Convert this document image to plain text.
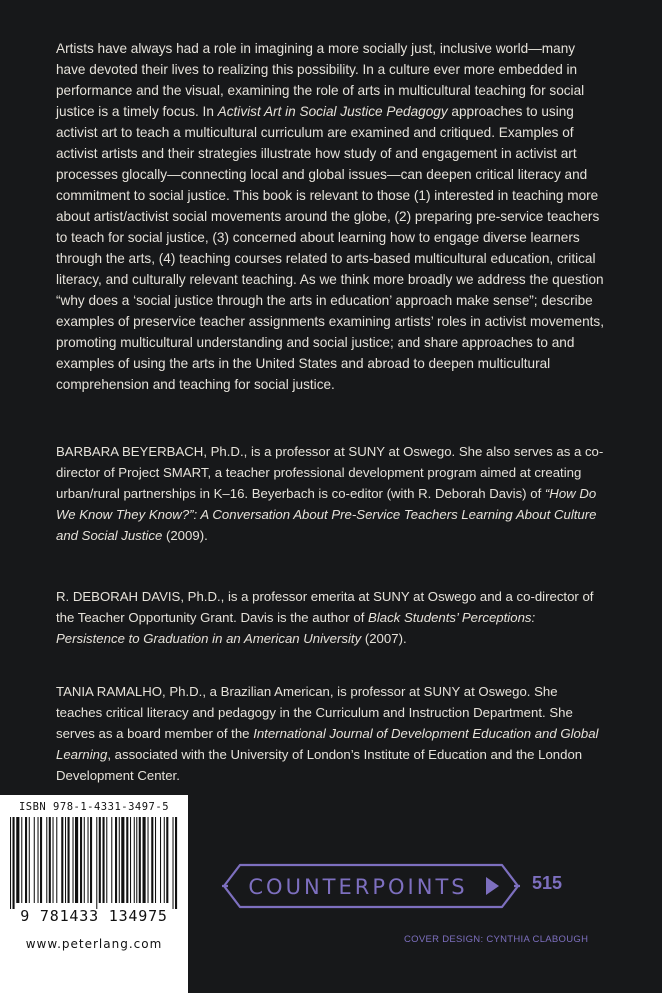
Artists have always had a role in imagining a more socially just, inclusive world—many have devoted their lives to realizing this possibility. In a culture ever more embedded in performance and the visual, examining the role of arts in multicultural teaching for social justice is a timely focus. In Activist Art in Social Justice Pedagogy approaches to using activist art to teach a multicultural curriculum are examined and critiqued. Examples of activist artists and their strategies illustrate how study of and engagement in activist art processes glocally—connecting local and global issues—can deepen critical literacy and commitment to social justice. This book is relevant to those (1) interested in teaching more about artist/activist social movements around the globe, (2) preparing pre-service teachers to teach for social justice, (3) concerned about learning how to engage diverse learners through the arts, (4) teaching courses related to arts-based multicultural education, critical literacy, and culturally relevant teaching. As we think more broadly we address the question “why does a ‘social justice through the arts in education’ approach make sense”; describe examples of preservice teacher assignments examining artists’ roles in activist movements, promoting multicultural understanding and social justice; and share approaches to and examples of using the arts in the United States and abroad to deepen multicultural comprehension and teaching for social justice.

BARBARA BEYERBACH, Ph.D., is a professor at SUNY at Oswego. She also serves as a co-director of Project SMART, a teacher professional development program aimed at creating urban/rural partnerships in K–16. Beyerbach is co-editor (with R. Deborah Davis) of “How Do We Know They Know?”: A Conversation About Pre-Service Teachers Learning About Culture and Social Justice (2009).

R. DEBORAH DAVIS, Ph.D., is a professor emerita at SUNY at Oswego and a co-director of the Teacher Opportunity Grant. Davis is the author of Black Students’ Perceptions: Persistence to Graduation in an American University (2007).

TANIA RAMALHO, Ph.D., a Brazilian American, is professor at SUNY at Oswego. She teaches critical literacy and pedagogy in the Curriculum and Instruction Department. She serves as a board member of the International Journal of Development Education and Global Learning, associated with the University of London’s Institute of Education and the London Development Center.

ISBN 978-1-4331-3497-5
9 781433 134975
www.peterlang.com
COUNTERPOINTS	515
COVER DESIGN: CYNTHIA CLABOUGH
